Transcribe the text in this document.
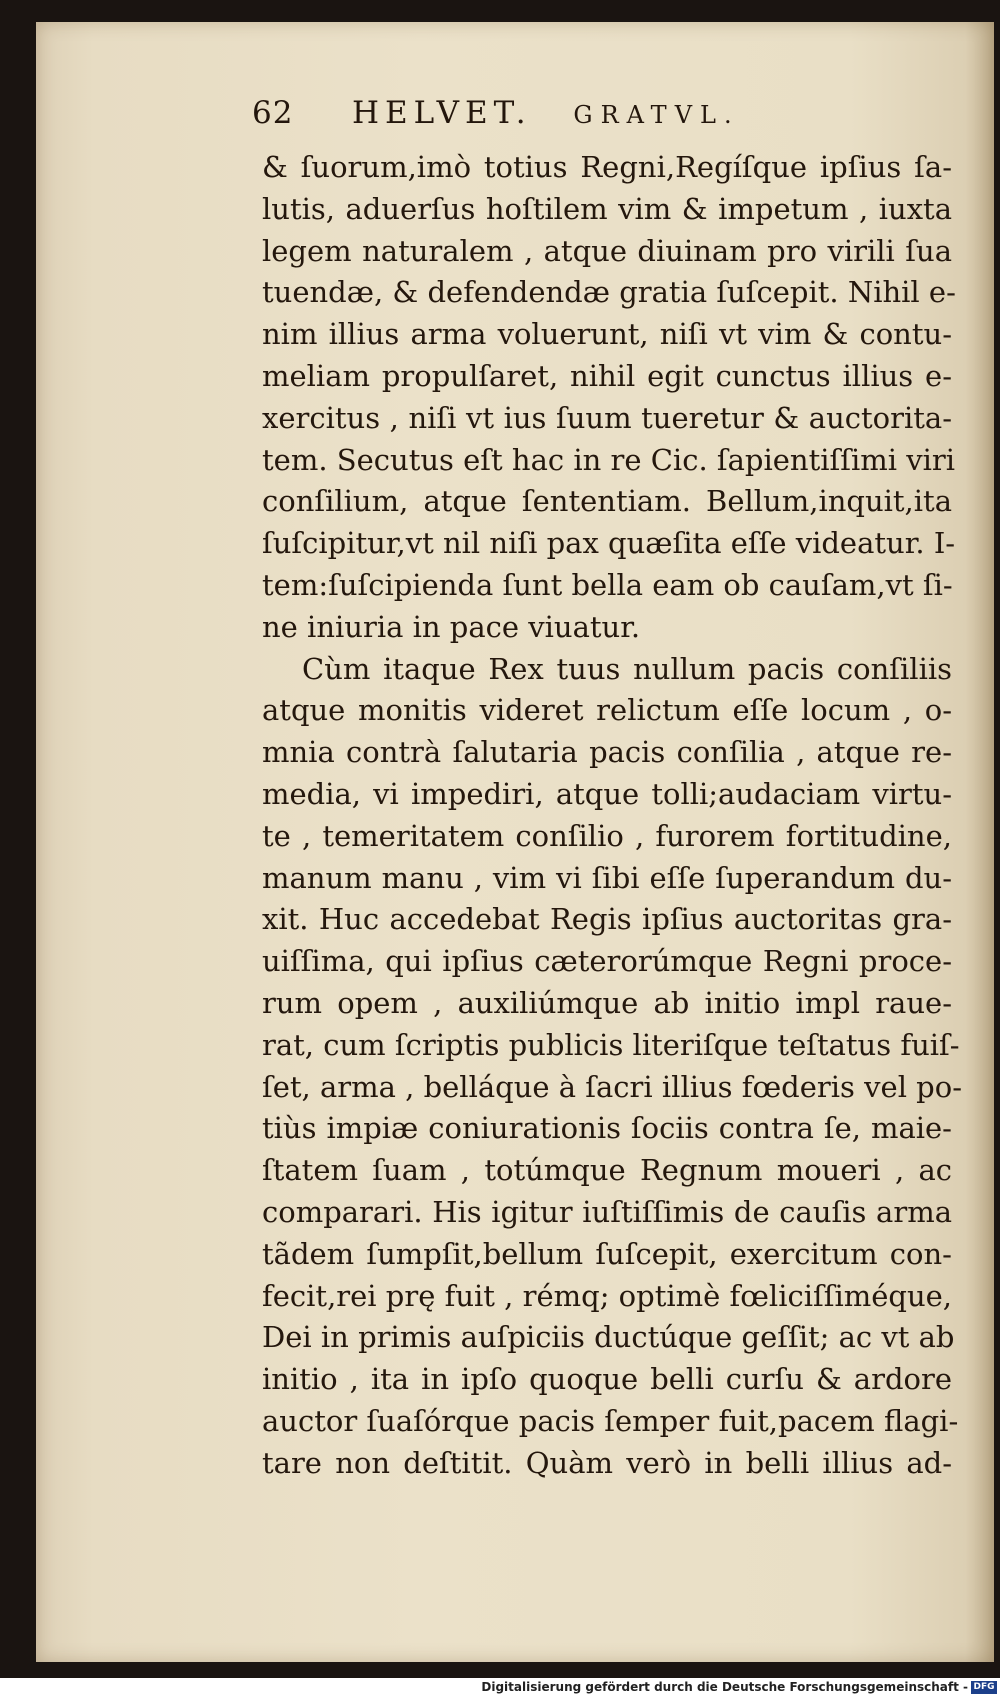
62 HELVET. GRATVL.
& ſuorum,imò totius Regni,Regíſque ipſius ſa-
lutis, aduerſus hoſtilem vim & impetum , iuxta
legem naturalem , atque diuinam pro virili ſua
tuendæ, & defendendæ gratia ſuſcepit. Nihil e-
nim illius arma voluerunt, niſi vt vim & contu-
meliam propulſaret, nihil egit cunctus illius e-
xercitus , niſi vt ius ſuum tueretur & auctorita-
tem. Secutus eſt hac in re Cic. ſapientiſſimi viri
conſilium, atque ſententiam. Bellum,inquit,ita
ſuſcipitur,vt nil niſi pax quæſita eſſe videatur. I-
tem:ſuſcipienda ſunt bella eam ob cauſam,vt ſi-
ne iniuria in pace viuatur.
Cùm itaque Rex tuus nullum pacis conſiliis
atque monitis videret relictum eſſe locum , o-
mnia contrà ſalutaria pacis conſilia , atque re-
media, vi impediri, atque tolli;audaciam virtu-
te , temeritatem conſilio , furorem fortitudine,
manum manu , vim vi ſibi eſſe ſuperandum du-
xit. Huc accedebat Regis ipſius auctoritas gra-
uiſſima, qui ipſius cæterorúmque Regni proce-
rum opem , auxiliúmque ab initio impl raue-
rat, cum ſcriptis publicis literiſque teſtatus fuiſ-
ſet, arma , belláque à ſacri illius fœderis vel po-
tiùs impiæ coniurationis ſociis contra ſe, maie-
ſtatem ſuam , totúmque Regnum moueri , ac
comparari. His igitur iuſtiſſimis de cauſis arma
tãdem ſumpſit,bellum ſuſcepit, exercitum con-
fecit,rei prę fuit , rémq; optimè fœliciſſiméque,
Dei in primis auſpiciis ductúque geſſit; ac vt ab
initio , ita in ipſo quoque belli curſu & ardore
auctor ſuaſórque pacis ſemper fuit,pacem flagi-
tare non deſtitit. Quàm verò in belli illius ad-
Digitalisierung gefördert durch die Deutsche Forschungsgemeinschaft - DFG
